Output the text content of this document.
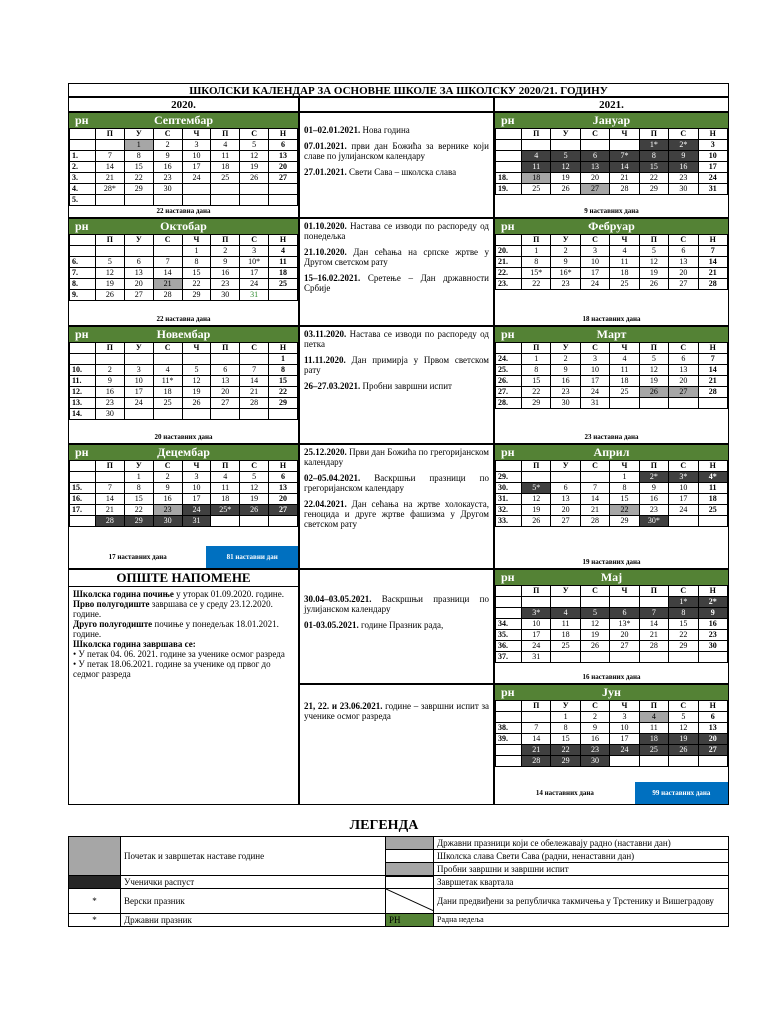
ШКОЛСКИ КАЛЕНДАР ЗА ОСНОВНЕ ШКОЛЕ ЗА ШКОЛСКУ 2020/21. ГОДИНУ
2020.	2021.
рн	Септембар
	П	У	С	Ч	П	С	Н
		1	2	3	4	5	6
1.	7	8	9	10	11	12	13
2.	14	15	16	17	18	19	20
3.	21	22	23	24	25	26	27
4.	28*	29	30				
5.							
22 наставна дана
рн	Октобар
	П	У	С	Ч	П	С	Н
				1	2	3	4
6.	5	6	7	8	9	10*	11
7.	12	13	14	15	16	17	18
8.	19	20	21	22	23	24	25
9.	26	27	28	29	30	31	
22 наставна дана
рн	Новембар
	П	У	С	Ч	П	С	Н
							1
10.	2	3	4	5	6	7	8
11.	9	10	11*	12	13	14	15
12.	16	17	18	19	20	21	22
13.	23	24	25	26	27	28	29
14.	30						
20 наставних дана
рн	Децембар
	П	У	С	Ч	П	С	Н
		1	2	3	4	5	6
15.	7	8	9	10	11	12	13
16.	14	15	16	17	18	19	20
17.	21	22	23	24	25*	26	27
	28	29	30	31			
17 наставних дана	81 наставни дан
рн	Јануар
	П	У	С	Ч	П	С	Н
					1*	2*	3
	4	5	6	7*	8	9	10
	11	12	13	14	15	16	17
18.	18	19	20	21	22	23	24
19.	25	26	27	28	29	30	31
9 наставних дана
рн	Фебруар
	П	У	С	Ч	П	С	Н
20.	1	2	3	4	5	6	7
21.	8	9	10	11	12	13	14
22.	15*	16*	17	18	19	20	21
23.	22	23	24	25	26	27	28
18 наставних дана
рн	Март
	П	У	С	Ч	П	С	Н
24.	1	2	3	4	5	6	7
25.	8	9	10	11	12	13	14
26.	15	16	17	18	19	20	21
27.	22	23	24	25	26	27	28
28.	29	30	31				
23 наставна дана
рн	Април
	П	У	С	Ч	П	С	Н
29.				1	2*	3*	4*
30.	5*	6	7	8	9	10	11
31.	12	13	14	15	16	17	18
32.	19	20	21	22	23	24	25
33.	26	27	28	29	30*		
19 наставних дана
рн	Мај
	П	У	С	Ч	П	С	Н
						1*	2*
	3*	4	5	6	7	8	9
34.	10	11	12	13*	14	15	16
35.	17	18	19	20	21	22	23
36.	24	25	26	27	28	29	30
37.	31						
16 наставних дана
рн	Јун
	П	У	С	Ч	П	С	Н
		1	2	3	4	5	6
38.	7	8	9	10	11	12	13
39.	14	15	16	17	18	19	20
	21	22	23	24	25	26	27
	28	29	30				
14 наставних дана	99 наставних дана

01–02.01.2021. Нова година

07.01.2021. први дан Божића за вернике који славе по јулијанском календару

27.01.2021. Свети Сава – школска слава

01.10.2020. Настава се изводи по распореду од понедељка

21.10.2020. Дан сећања на српске жртве у Другом светском рату

15–16.02.2021. Сретење – Дан државности Србије

03.11.2020. Настава се изводи по распореду од петка

11.11.2020. Дан примирја у Првом светском рату

26–27.03.2021. Пробни завршни испит

25.12.2020. Први дан Божића по грегоријанском календару

02–05.04.2021. Васкршњи празници по грегоријанском календару

22.04.2021. Дан сећања на жртве холокауста, геноцида и друге жртве фашизма у Другом светском рату

30.04–03.05.2021. Васкршњи празници по јулијанском календару

01-03.05.2021. године Празник рада,

21, 22. и 23.06.2021. године – завршни испит за ученике осмог разреда

ОПШТЕ НАПОМЕНЕ
Школска година почиње у уторак 01.09.2020. године.
Прво полугодиште завршава се у среду 23.12.2020. године.
Друго полугодиште почиње у понедељак 18.01.2021. године.
Школска година завршава се:
• У петак 04. 06. 2021. године за ученике осмог разреда
• У петак 18.06.2021. године за ученике од првог до седмог разреда
ЛЕГЕНДА
	Почетак и завршетак наставе године		Државни празници који се обележавају радно (наставни дан)
			Школска слава Свети Сава (радни, ненаставни дан)
			Пробни завршни и завршни испит
	Ученички распуст		Завршетак квартала
*	Верски празник		Дани предвиђени за републичка такмичења у Трстенику и Вишеградову
*	Државни празник	РН	Радна недеља
